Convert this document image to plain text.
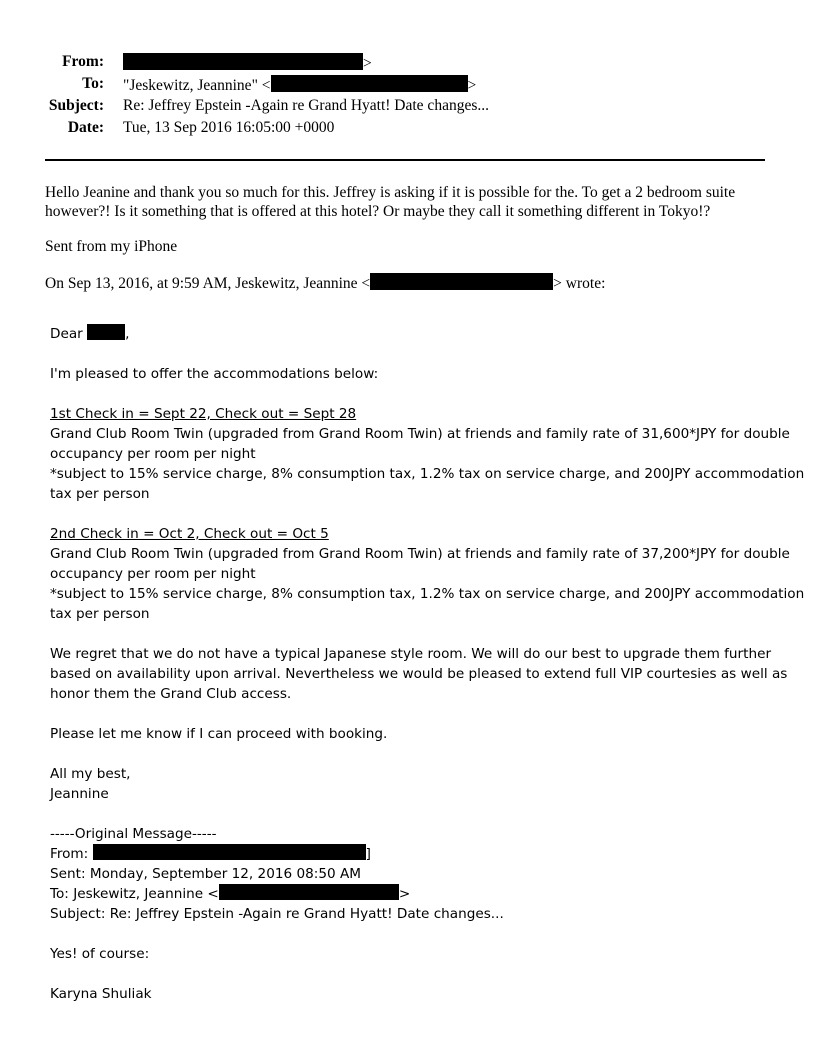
From:	>
To: "Jeskewitz, Jeannine" <	>
Subject: Re: Jeffrey Epstein -Again re Grand Hyatt! Date changes...
Date: Tue, 13 Sep 2016 16:05:00 +0000
Hello Jeanine and thank you so much for this. Jeffrey is asking if it is possible for the. To get a 2 bedroom suite
however?! Is it something that is offered at this hotel? Or maybe they call it something different in Tokyo!?
Sent from my iPhone
On Sep 13, 2016, at 9:59 AM, Jeskewitz, Jeannine <	> wrote:
Dear	,
I'm pleased to offer the accommodations below:
1st Check in = Sept 22, Check out = Sept 28
Grand Club Room Twin (upgraded from Grand Room Twin) at friends and family rate of 31,600*JPY for double
occupancy per room per night
*subject to 15% service charge, 8% consumption tax, 1.2% tax on service charge, and 200JPY accommodation
tax per person
2nd Check in = Oct 2, Check out = Oct 5
Grand Club Room Twin (upgraded from Grand Room Twin) at friends and family rate of 37,200*JPY for double
occupancy per room per night
*subject to 15% service charge, 8% consumption tax, 1.2% tax on service charge, and 200JPY accommodation
tax per person
We regret that we do not have a typical Japanese style room. We will do our best to upgrade them further
based on availability upon arrival. Nevertheless we would be pleased to extend full VIP courtesies as well as
honor them the Grand Club access.
Please let me know if I can proceed with booking.
All my best,
Jeannine
-----Original Message-----
From:	]
Sent: Monday, September 12, 2016 08:50 AM
To: Jeskewitz, Jeannine <	>
Subject: Re: Jeffrey Epstein -Again re Grand Hyatt! Date changes...
Yes! of course:
Karyna Shuliak
